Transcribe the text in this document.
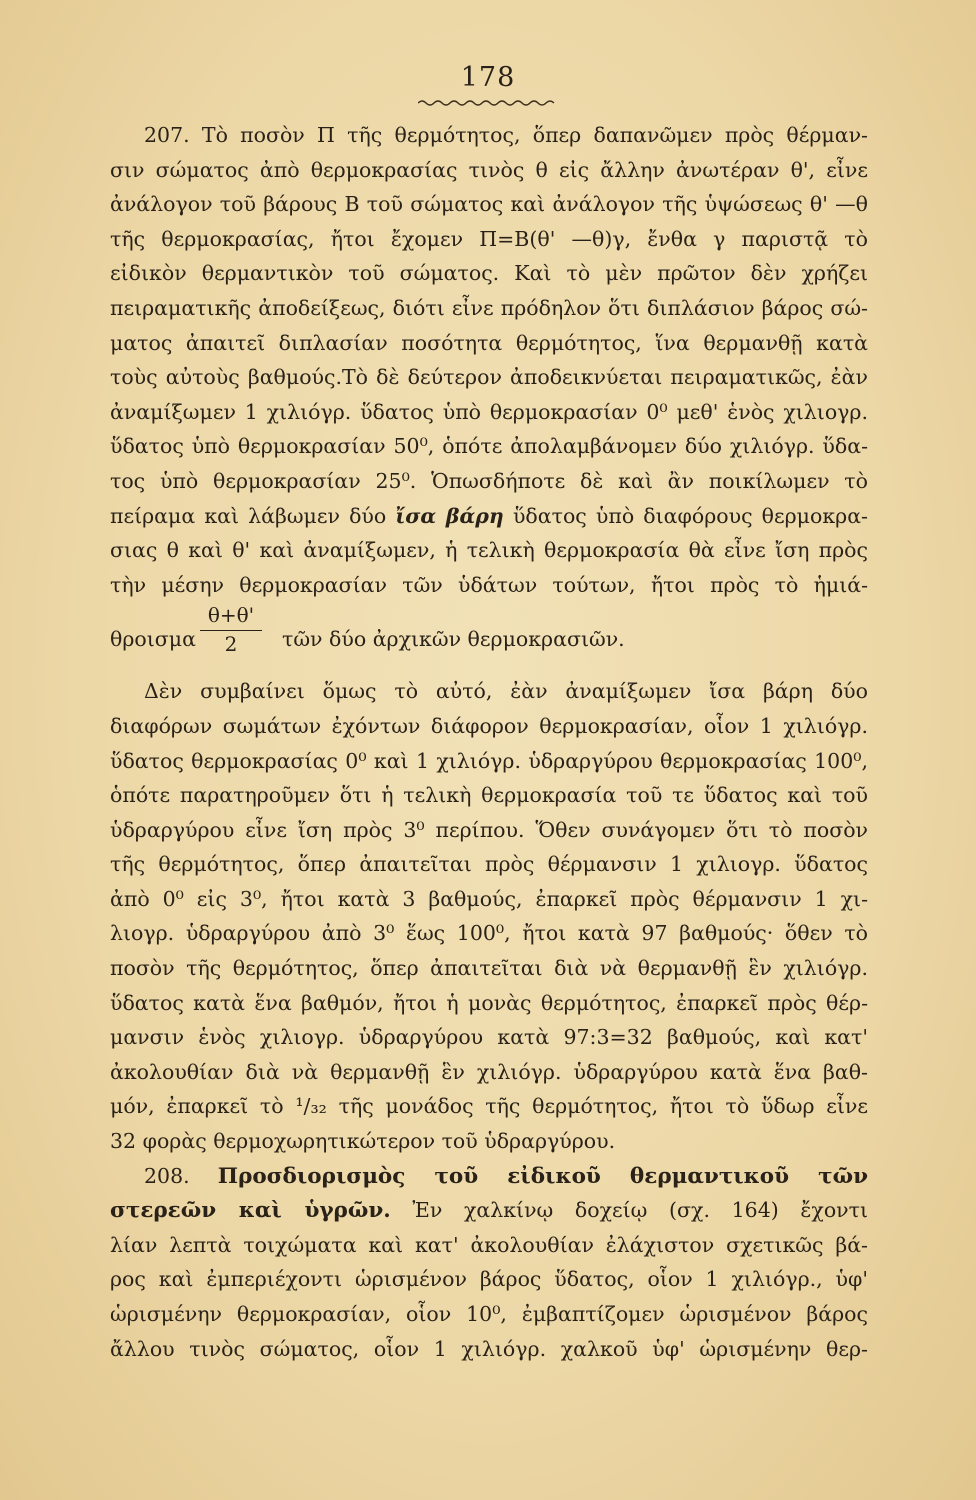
178
207. Τὸ ποσὸν Π τῆς θερμότητος, ὅπερ δαπανῶμεν πρὸς θέρμαν-
σιν σώματος ἀπὸ θερμοκρασίας τινὸς θ εἰς ἄλλην ἀνωτέραν θ', εἶνε
ἀνάλογον τοῦ βάρους Β τοῦ σώματος καὶ ἀνάλογον τῆς ὑψώσεως θ' —θ
τῆς θερμοκρασίας, ἤτοι ἔχομεν Π=Β(θ' —θ)γ, ἔνθα γ παριστᾷ τὸ
εἰδικὸν θερμαντικὸν τοῦ σώματος. Καὶ τὸ μὲν πρῶτον δὲν χρήζει
πειραματικῆς ἀποδείξεως, διότι εἶνε πρόδηλον ὅτι διπλάσιον βάρος σώ-
ματος ἀπαιτεῖ διπλασίαν ποσότητα θερμότητος, ἵνα θερμανθῇ κατὰ
τοὺς αὐτοὺς βαθμούς.Τὸ δὲ δεύτερον ἀποδεικνύεται πειραματικῶς, ἐὰν
ἀναμίξωμεν 1 χιλιόγρ. ὕδατος ὑπὸ θερμοκρασίαν 0⁰ μεθ' ἑνὸς χιλιογρ.
ὕδατος ὑπὸ θερμοκρασίαν 50⁰, ὁπότε ἀπολαμβάνομεν δύο χιλιόγρ. ὕδα-
τος ὑπὸ θερμοκρασίαν 25⁰. Ὁπωσδήποτε δὲ καὶ ἂν ποικίλωμεν τὸ
πείραμα καὶ λάβωμεν δύο ἴσα βάρη ὕδατος ὑπὸ διαφόρους θερμοκρα-
σιας θ καὶ θ' καὶ ἀναμίξωμεν, ἡ τελικὴ θερμοκρασία θὰ εἶνε ἴση πρὸς
τὴν μέσην θερμοκρασίαν τῶν ὑδάτων τούτων, ἤτοι πρὸς τὸ ἡμιά-
θροισμα
θ+θ'
2	τῶν δύο ἀρχικῶν θερμοκρασιῶν.
Δὲν συμβαίνει ὅμως τὸ αὐτό, ἐὰν ἀναμίξωμεν ἴσα βάρη δύο
διαφόρων σωμάτων ἐχόντων διάφορον θερμοκρασίαν, οἷον 1 χιλιόγρ.
ὕδατος θερμοκρασίας 0⁰ καὶ 1 χιλιόγρ. ὑδραργύρου θερμοκρασίας 100⁰,
ὁπότε παρατηροῦμεν ὅτι ἡ τελικὴ θερμοκρασία τοῦ τε ὕδατος καὶ τοῦ
ὑδραργύρου εἶνε ἴση πρὸς 3⁰ περίπου. Ὅθεν συνάγομεν ὅτι τὸ ποσὸν
τῆς θερμότητος, ὅπερ ἀπαιτεῖται πρὸς θέρμανσιν 1 χιλιογρ. ὕδατος
ἀπὸ 0⁰ εἰς 3⁰, ἤτοι κατὰ 3 βαθμούς, ἐπαρκεῖ πρὸς θέρμανσιν 1 χι-
λιογρ. ὑδραργύρου ἀπὸ 3⁰ ἕως 100⁰, ἤτοι κατὰ 97 βαθμούς· ὅθεν τὸ
ποσὸν τῆς θερμότητος, ὅπερ ἀπαιτεῖται διὰ νὰ θερμανθῇ ἓν χιλιόγρ.
ὕδατος κατὰ ἕνα βαθμόν, ἤτοι ἡ μονὰς θερμότητος, ἐπαρκεῖ πρὸς θέρ-
μανσιν ἑνὸς χιλιογρ. ὑδραργύρου κατὰ 97:3=32 βαθμούς, καὶ κατ'
ἀκολουθίαν διὰ νὰ θερμανθῇ ἓν χιλιόγρ. ὑδραργύρου κατὰ ἕνα βαθ-
μόν, ἐπαρκεῖ τὸ ¹/₃₂ τῆς μονάδος τῆς θερμότητος, ἤτοι τὸ ὕδωρ εἶνε
32 φορὰς θερμοχωρητικώτερον τοῦ ὑδραργύρου.
208. Προσδιορισμὸς τοῦ εἰδικοῦ θερμαντικοῦ τῶν
στερεῶν καὶ ὑγρῶν. Ἐν χαλκίνῳ δοχείῳ (σχ. 164) ἔχοντι
λίαν λεπτὰ τοιχώματα καὶ κατ' ἀκολουθίαν ἐλάχιστον σχετικῶς βά-
ρος καὶ ἐμπεριέχοντι ὡρισμένον βάρος ὕδατος, οἷον 1 χιλιόγρ., ὑφ'
ὡρισμένην θερμοκρασίαν, οἷον 10⁰, ἐμβαπτίζομεν ὡρισμένον βάρος
ἄλλου τινὸς σώματος, οἷον 1 χιλιόγρ. χαλκοῦ ὑφ' ὡρισμένην θερ-
